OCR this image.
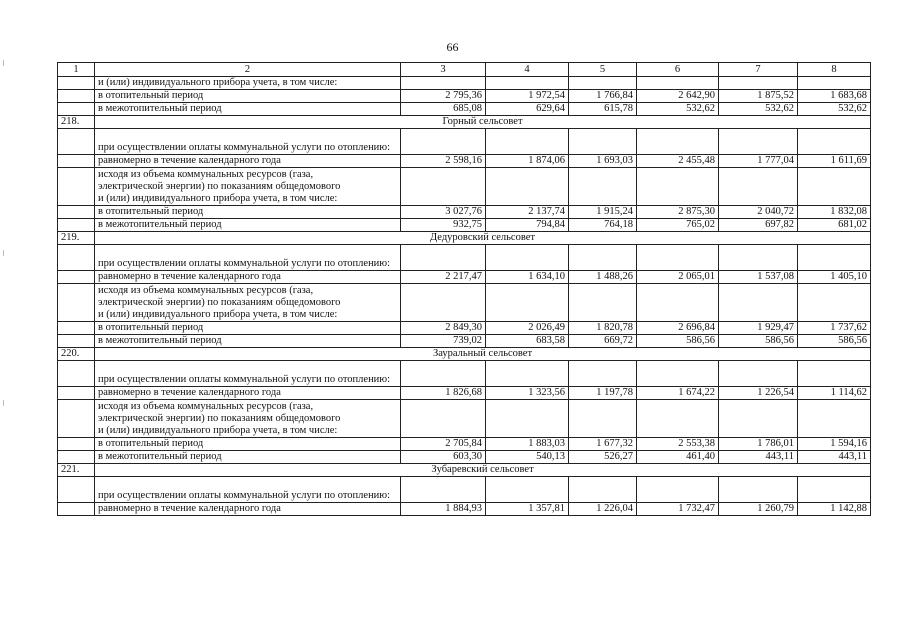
66
1	2	3	4	5	6	7	8
	и (или) индивидуального прибора учета, в том числе:						
	в отопительный период	2 795,36	1 972,54	1 766,84	2 642,90	1 875,52	1 683,68
	в межотопительный период	685,08	629,64	615,78	532,62	532,62	532,62
218.	Горный сельсовет						
	при осуществлении оплаты коммунальной услуги по отоплению:						
	равномерно в течение календарного года	2 598,16	1 874,06	1 693,03	2 455,48	1 777,04	1 611,69

	исходя из объема коммунальных ресурсов (газа,
электрической энергии) по показаниям общедомового
и (или) индивидуального прибора учета, в том числе:						

	в отопительный период	3 027,76	2 137,74	1 915,24	2 875,30	2 040,72	1 832,08
	в межотопительный период	932,75	794,84	764,18	765,02	697,82	681,02
219.	Дедуровский сельсовет						
	при осуществлении оплаты коммунальной услуги по отоплению:						
	равномерно в течение календарного года	2 217,47	1 634,10	1 488,26	2 065,01	1 537,08	1 405,10

	исходя из объема коммунальных ресурсов (газа,
электрической энергии) по показаниям общедомового
и (или) индивидуального прибора учета, в том числе:						

	в отопительный период	2 849,30	2 026,49	1 820,78	2 696,84	1 929,47	1 737,62
	в межотопительный период	739,02	683,58	669,72	586,56	586,56	586,56
220.	Зауральный сельсовет						
	при осуществлении оплаты коммунальной услуги по отоплению:						
	равномерно в течение календарного года	1 826,68	1 323,56	1 197,78	1 674,22	1 226,54	1 114,62

	исходя из объема коммунальных ресурсов (газа,
электрической энергии) по показаниям общедомового
и (или) индивидуального прибора учета, в том числе:						

	в отопительный период	2 705,84	1 883,03	1 677,32	2 553,38	1 786,01	1 594,16
	в межотопительный период	603,30	540,13	526,27	461,40	443,11	443,11
221.	Зубаревский сельсовет						
	при осуществлении оплаты коммунальной услуги по отоплению:						
	равномерно в течение календарного года	1 884,93	1 357,81	1 226,04	1 732,47	1 260,79	1 142,88
